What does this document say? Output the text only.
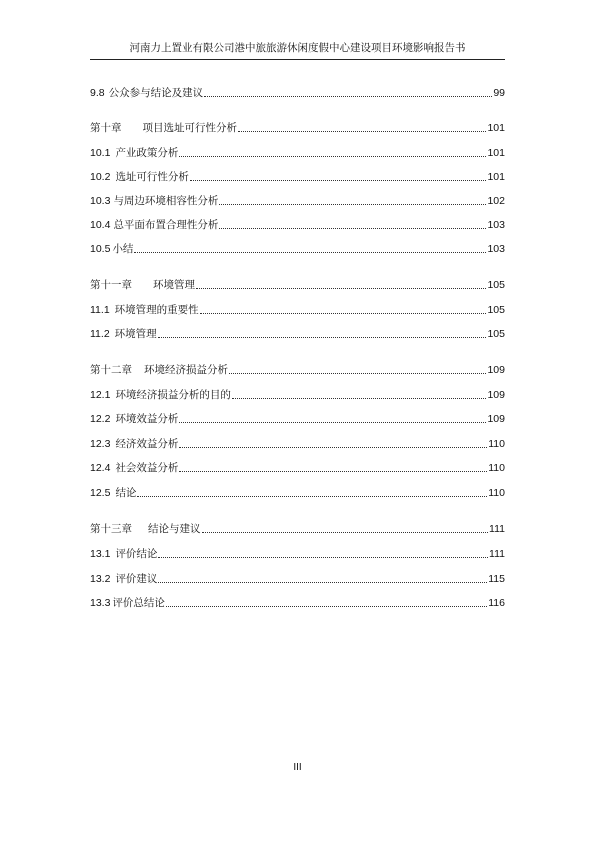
河南力上置业有限公司港中旅旅游休闲度假中心建设项目环境影响报告书
9.8 公众参与结论及建议	99
第十章 项目选址可行性分析	101
10.1 产业政策分析	101
10.2 选址可行性分析	101
10.3 与周边环境相容性分析	102
10.4 总平面布置合理性分析	103
10.5 小结	103
第十一章 环境管理	105
11.1 环境管理的重要性	105
11.2 环境管理	105
第十二章 环境经济损益分析	109
12.1 环境经济损益分析的目的	109
12.2 环境效益分析	109
12.3 经济效益分析	110
12.4 社会效益分析	110
12.5 结论	110
第十三章 结论与建议	111
13.1 评价结论	111
13.2 评价建议	115
13.3 评价总结论	116
III
